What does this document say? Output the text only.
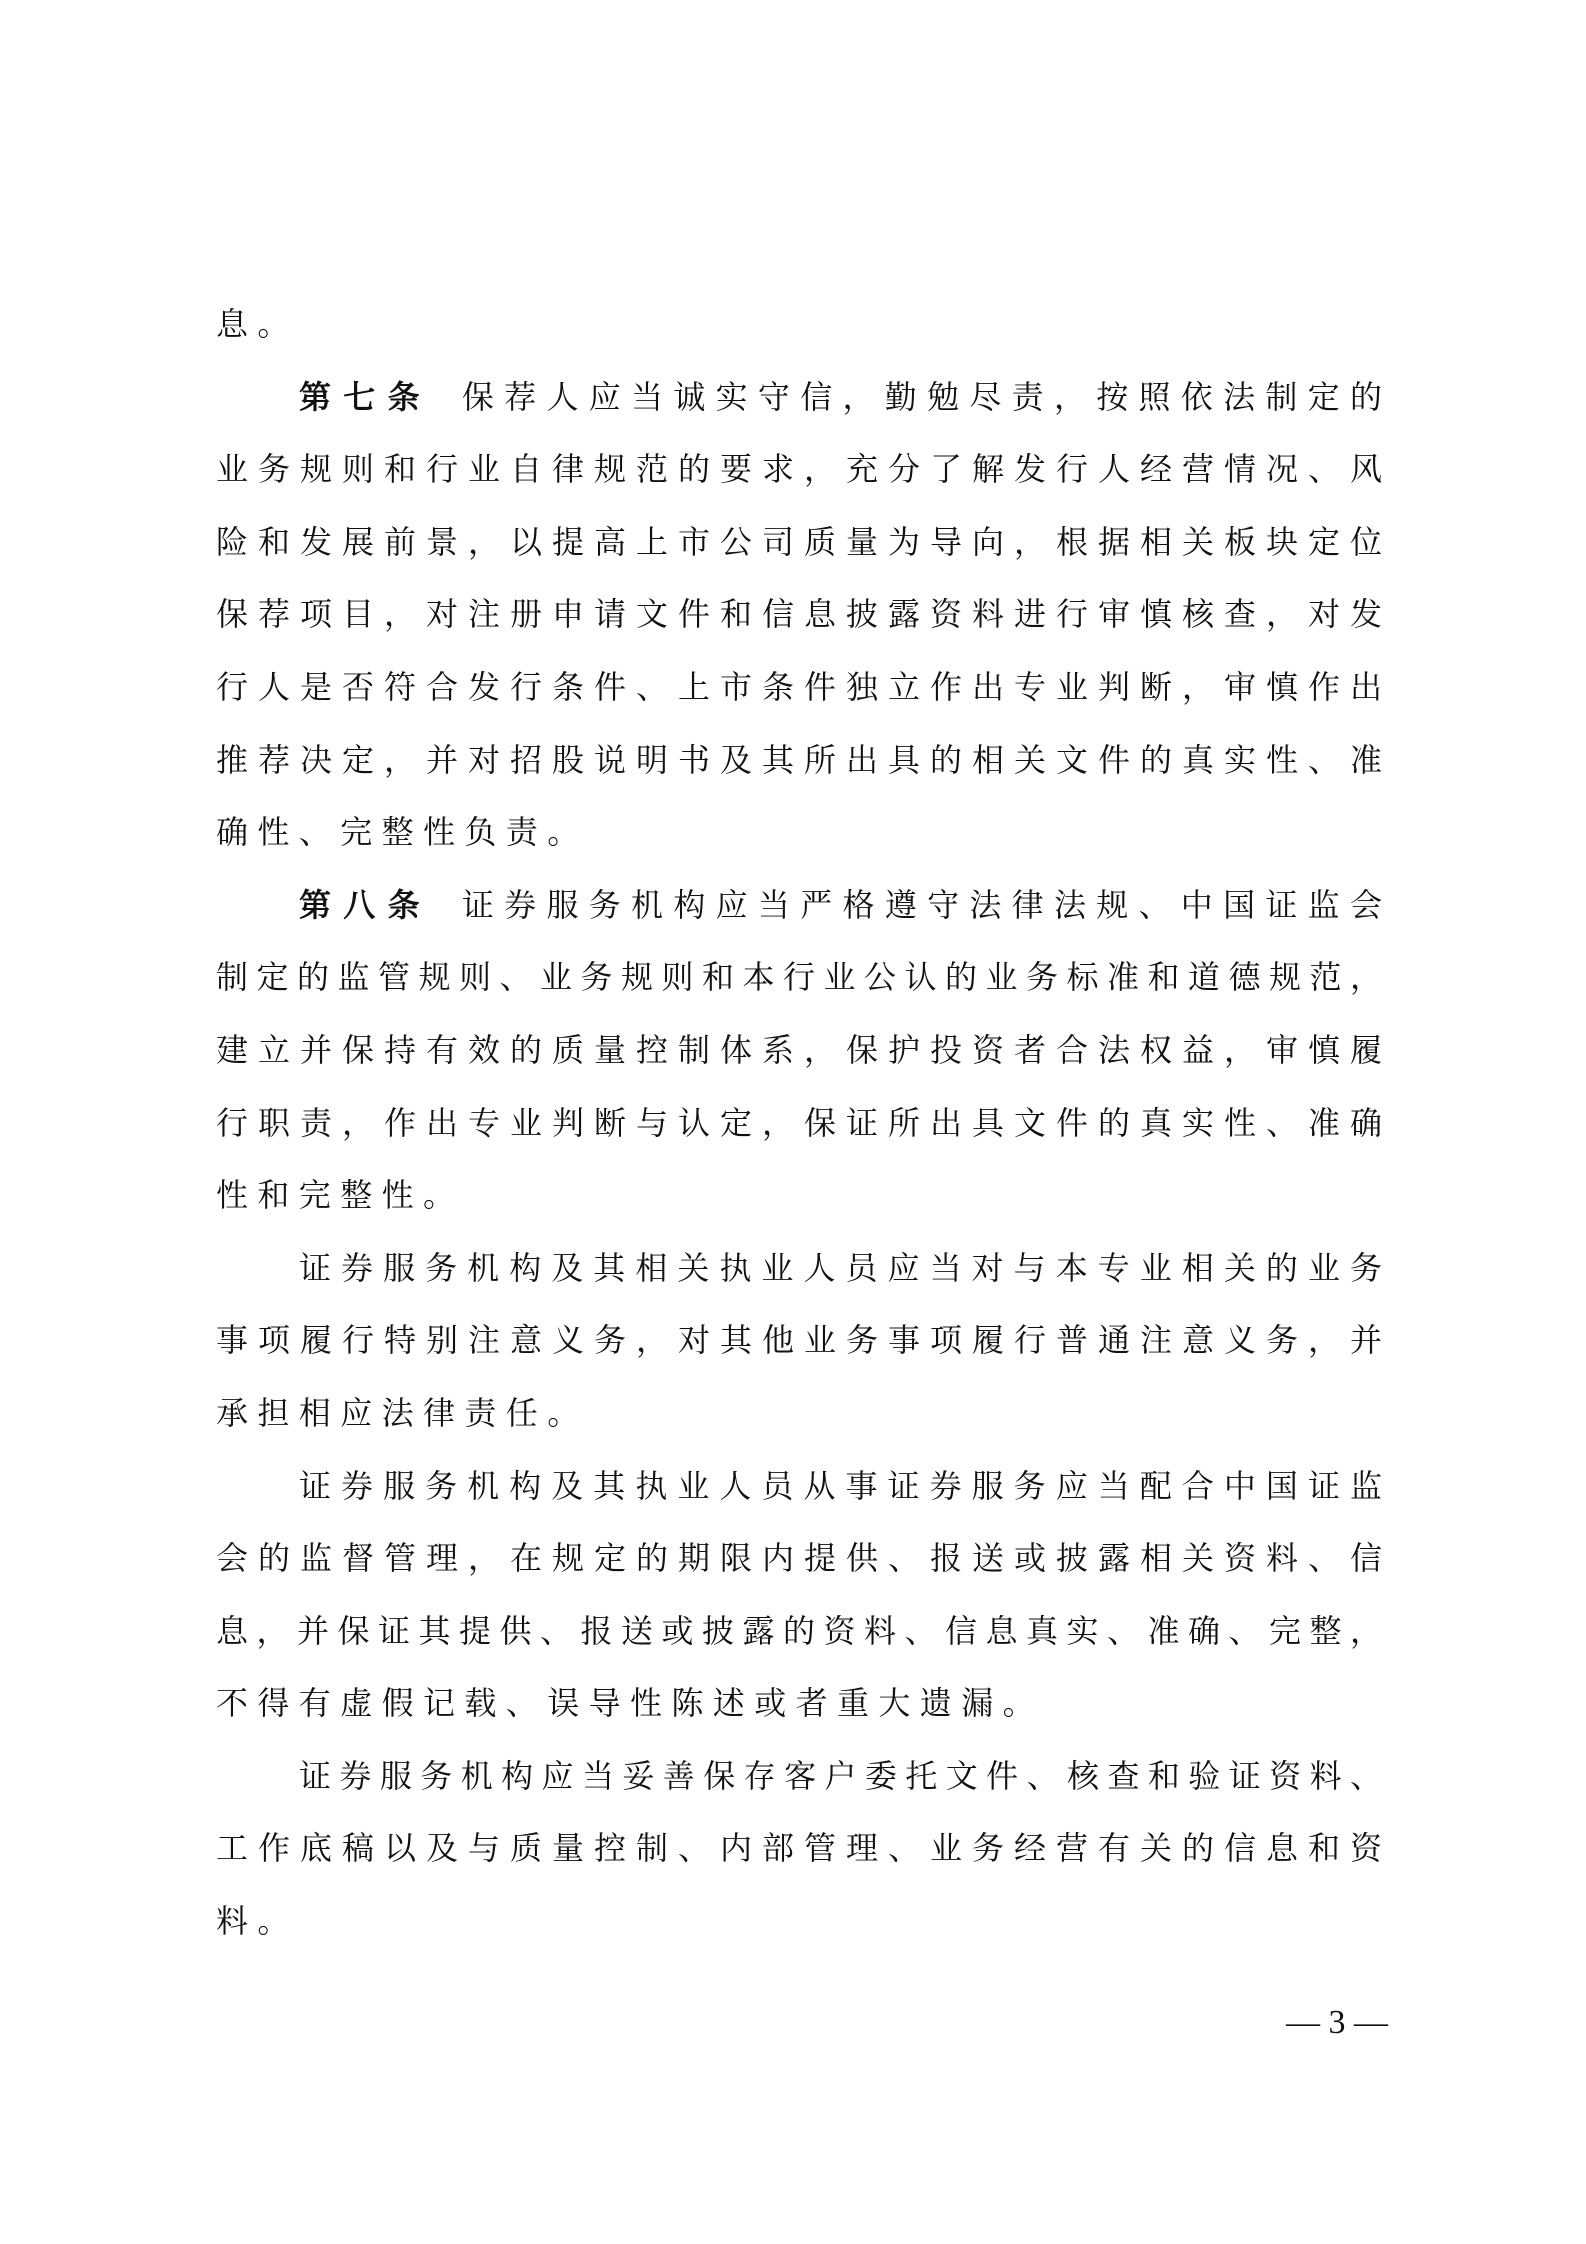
息。
第七条 保荐人应当诚实守信，勤勉尽责，按照依法制定的
业务规则和行业自律规范的要求，充分了解发行人经营情况、风
险和发展前景，以提高上市公司质量为导向，根据相关板块定位
保荐项目，对注册申请文件和信息披露资料进行审慎核查，对发
行人是否符合发行条件、上市条件独立作出专业判断，审慎作出
推荐决定，并对招股说明书及其所出具的相关文件的真实性、准
确性、完整性负责。
第八条 证券服务机构应当严格遵守法律法规、中国证监会
制定的监管规则、业务规则和本行业公认的业务标准和道德规范，
建立并保持有效的质量控制体系，保护投资者合法权益，审慎履
行职责，作出专业判断与认定，保证所出具文件的真实性、准确
性和完整性。
证券服务机构及其相关执业人员应当对与本专业相关的业务
事项履行特别注意义务，对其他业务事项履行普通注意义务，并
承担相应法律责任。
证券服务机构及其执业人员从事证券服务应当配合中国证监
会的监督管理，在规定的期限内提供、报送或披露相关资料、信
息，并保证其提供、报送或披露的资料、信息真实、准确、完整，
不得有虚假记载、误导性陈述或者重大遗漏。
证券服务机构应当妥善保存客户委托文件、核查和验证资料、
工作底稿以及与质量控制、内部管理、业务经营有关的信息和资
料。
— 3 —
